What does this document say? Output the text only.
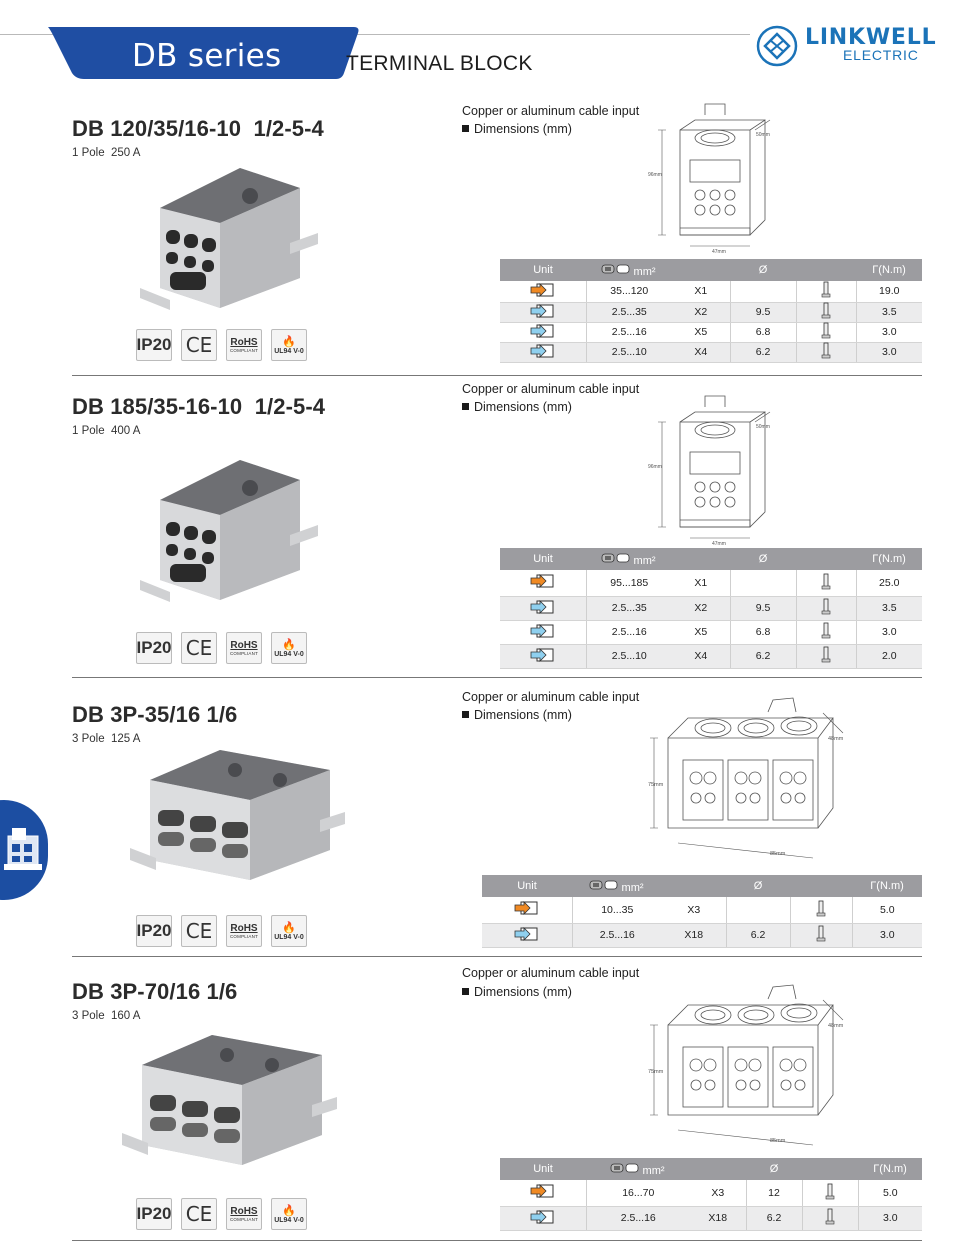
DB series	TERMINAL BLOCK
LINKWELL
ELECTRIC
DB 120/35/16-10  1/2-5-4
1 Pole  250 A
Copper or aluminum cable input
Dimensions (mm)
96mm
50mm
47mm
IP20 CE	RoHS
COMPLIANT
🔥
UL94 V-0
Unit	mm²		Ø		Γ(N.m)
	35...120	X1			19.0
	2.5...35	X2	9.5		3.5
	2.5...16	X5	6.8		3.0
	2.5...10	X4	6.2		3.0
DB 185/35-16-10  1/2-5-4
1 Pole  400 A
Copper or aluminum cable input
Dimensions (mm)
96mm
50mm
47mm
IP20 CE	RoHS
COMPLIANT
🔥
UL94 V-0
Unit	mm²		Ø		Γ(N.m)
	95...185	X1			25.0
	2.5...35	X2	9.5		3.5
	2.5...16	X5	6.8		3.0
	2.5...10	X4	6.2		2.0
DB 3P-35/16 1/6
3 Pole  125 A
Copper or aluminum cable input
Dimensions (mm)
75mm
48mm
85mm
IP20 CE	RoHS
COMPLIANT
🔥
UL94 V-0
Unit	mm²		Ø		Γ(N.m)
	10...35	X3			5.0
	2.5...16	X18	6.2		3.0
DB 3P-70/16 1/6
3 Pole  160 A
Copper or aluminum cable input
Dimensions (mm)
75mm
48mm
85mm
IP20 CE	RoHS
COMPLIANT
🔥
UL94 V-0
Unit	mm²		Ø		Γ(N.m)
	16...70	X3	12		5.0
	2.5...16	X18	6.2		3.0
